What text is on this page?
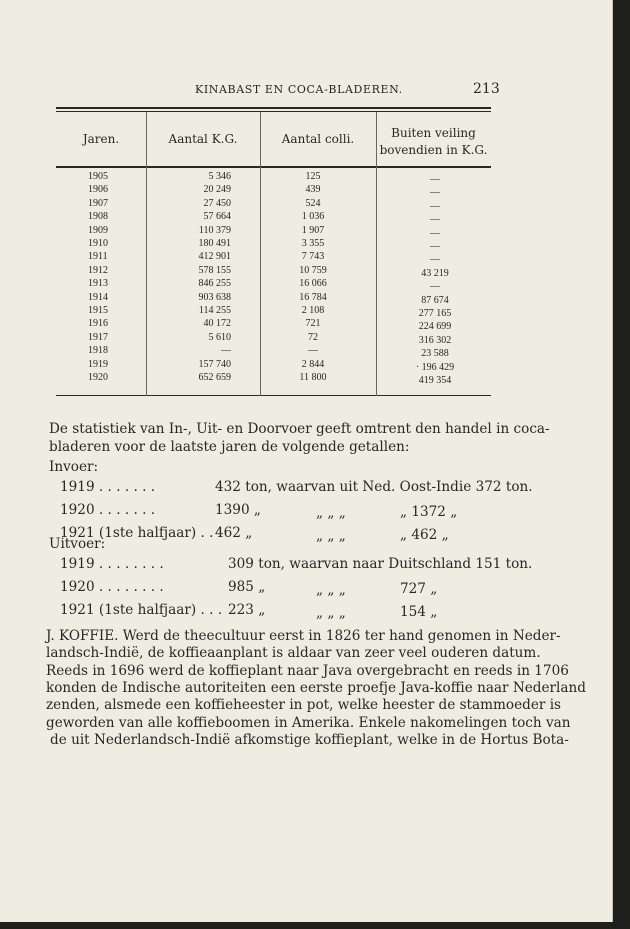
KINABAST EN COCA-BLADEREN.	213
Jaren.	Aantal K.G.	Aantal colli.	Buiten veiling
bovendien in K.G.
1905	5 346	125	—
1906	20 249	439	—
1907	27 450	524	—
1908	57 664	1 036	—
1909	110 379	1 907	—
1910	180 491	3 355	—
1911	412 901	7 743	—
1912	578 155	10 759	43 219
1913	846 255	16 066	—
1914	903 638	16 784	87 674
1915	114 255	2 108	277 165
1916	40 172	721	224 699
1917	5 610	72	316 302
1918	—	—	23 588
1919	157 740	2 844	· 196 429
1920	652 659	11 800	419 354
De statistiek van In-, Uit- en Doorvoer geeft omtrent den handel in coca-
bladeren voor de laatste jaren de volgende getallen:
Invoer:
1919 . . . . . . .	432 ton, waarvan uit Ned. Oost-Indie 372 ton.
1920 . . . . . . .	1390 „	„ „ „	„ 1372 „
1921 (1ste halfjaar) . . 462 „	„ „ „	„ 462 „
Uitvoer:
1919 . . . . . . . .	309 ton, waarvan naar Duitschland 151 ton.
1920 . . . . . . . .	985 „	„ „ „	727 „
1921 (1ste halfjaar) . . . 223 „	„ „ „	154 „
J. KOFFIE. Werd de theecultuur eerst in 1826 ter hand genomen in Neder-
landsch-Indië, de koffieaanplant is aldaar van zeer veel ouderen datum.
Reeds in 1696 werd de koffieplant naar Java overgebracht en reeds in 1706
konden de Indische autoriteiten een eerste proefje Java-koffie naar Nederland
zenden, alsmede een koffieheester in pot, welke heester de stammoeder is
geworden van alle koffieboomen in Amerika. Enkele nakomelingen toch van
de uit Nederlandsch-Indië afkomstige koffieplant, welke in de Hortus Bota-
